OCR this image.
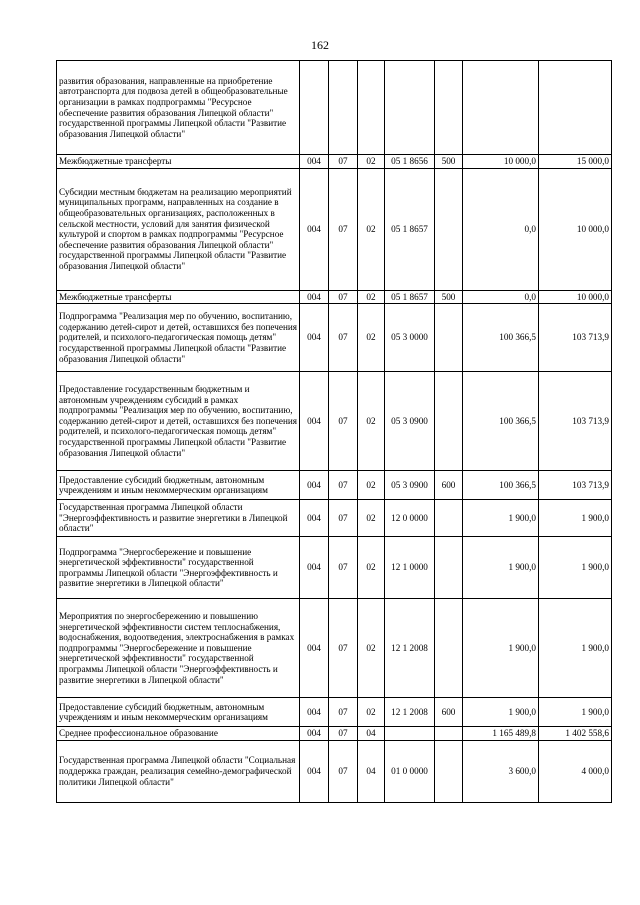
162
развития образования, направленные на приобретение автотранспорта для подвоза детей в общеобразовательные организации в рамках подпрограммы "Ресурсное обеспечение развития образования Липецкой области" государственной программы Липецкой области "Развитие образования Липецкой области"							
Межбюджетные трансферты	004	07	02	05 1 8656	500	10 000,0	15 000,0
Субсидии местным бюджетам на реализацию мероприятий муниципальных программ, направленных на создание в общеобразовательных организациях, расположенных в сельской местности, условий для занятия физической культурой и спортом в рамках подпрограммы "Ресурсное обеспечение развития образования Липецкой области" государственной программы Липецкой области "Развитие образования Липецкой области"	004	07	02	05 1 8657		0,0	10 000,0
Межбюджетные трансферты	004	07	02	05 1 8657	500	0,0	10 000,0
Подпрограмма "Реализация мер по обучению, воспитанию, содержанию детей-сирот и детей, оставшихся без попечения родителей, и психолого-педагогическая помощь детям" государственной программы Липецкой области "Развитие образования Липецкой области"	004	07	02	05 3 0000		100 366,5	103 713,9
Предоставление государственным бюджетным и автономным учреждениям субсидий в рамках подпрограммы "Реализация мер по обучению, воспитанию, содержанию детей-сирот и детей, оставшихся без попечения родителей, и психолого-педагогическая помощь детям" государственной программы Липецкой области "Развитие образования Липецкой области"	004	07	02	05 3 0900		100 366,5	103 713,9
Предоставление субсидий бюджетным, автономным учреждениям и иным некоммерческим организациям	004	07	02	05 3 0900	600	100 366,5	103 713,9
Государственная программа Липецкой области "Энергоэффективность и развитие энергетики в Липецкой области"	004	07	02	12 0 0000		1 900,0	1 900,0
Подпрограмма "Энергосбережение и повышение энергетической эффективности" государственной программы Липецкой области "Энергоэффективность и развитие энергетики в Липецкой области"	004	07	02	12 1 0000		1 900,0	1 900,0
Мероприятия по энергосбережению и повышению энергетической эффективности систем теплоснабжения, водоснабжения, водоотведения, электроснабжения в рамках подпрограммы "Энергосбережение и повышение энергетической эффективности" государственной программы Липецкой области "Энергоэффективность и развитие энергетики в Липецкой области"	004	07	02	12 1 2008		1 900,0	1 900,0
Предоставление субсидий бюджетным, автономным учреждениям и иным некоммерческим организациям	004	07	02	12 1 2008	600	1 900,0	1 900,0
Среднее профессиональное образование	004	07	04			1 165 489,8	1 402 558,6
Государственная программа Липецкой области "Социальная поддержка граждан, реализация семейно-демографической политики Липецкой области"	004	07	04	01 0 0000		3 600,0	4 000,0
